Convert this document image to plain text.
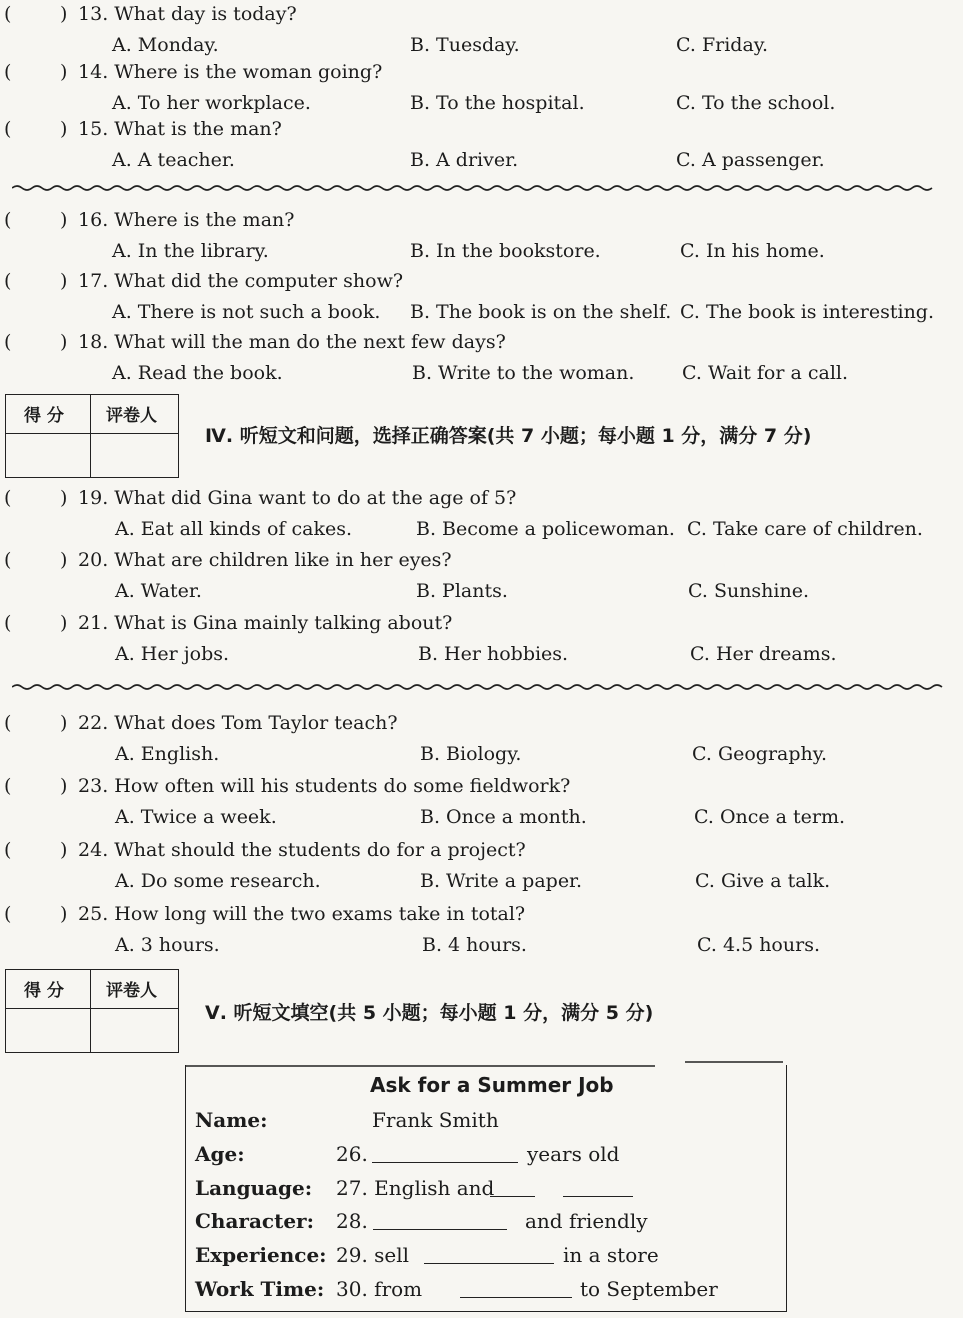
(	) 13. What day is today?
A. Monday.	B. Tuesday.	C. Friday.
(	) 14. Where is the woman going?
A. To her workplace.	B. To the hospital.	C. To the school.
(	) 15. What is the man?
A. A teacher.	B. A driver.	C. A passenger.
(	) 16. Where is the man?
A. In the library.	B. In the bookstore.	C. In his home.
(	) 17. What did the computer show?
A. There is not such a book. B. The book is on the shelf. C. The book is interesting.
(	) 18. What will the man do the next few days?
A. Read the book.	B. Write to the woman.	C. Wait for a call.
(	) 19. What did Gina want to do at the age of 5?
A. Eat all kinds of cakes.	B. Become a policewoman. C. Take care of children.
(	) 20. What are children like in her eyes?
A. Water.	B. Plants.	C. Sunshine.
(	) 21. What is Gina mainly talking about?
A. Her jobs.	B. Her hobbies.	C. Her dreams.
(	) 22. What does Tom Taylor teach?
A. English.	B. Biology.	C. Geography.
(	) 23. How often will his students do some fieldwork?
A. Twice a week.	B. Once a month.	C. Once a term.
(	) 24. What should the students do for a project?
A. Do some research.	B. Write a paper.	C. Give a talk.
(	) 25. How long will the two exams take in total?
A. 3 hours.	B. 4 hours.	C. 4.5 hours.
得 分 评卷人
Ⅳ. 听短文和问题，选择正确答案(共 7 小题；每小题 1 分，满分 7 分)
得 分 评卷人
Ⅴ. 听短文填空(共 5 小题；每小题 1 分，满分 5 分)
Ask for a Summer Job
Name:	Frank Smith
Age:	26.	years old
Language: 27. English and
Character: 28.	and friendly
Experience: 29. sell	in a store
Work Time: 30. from	to September
